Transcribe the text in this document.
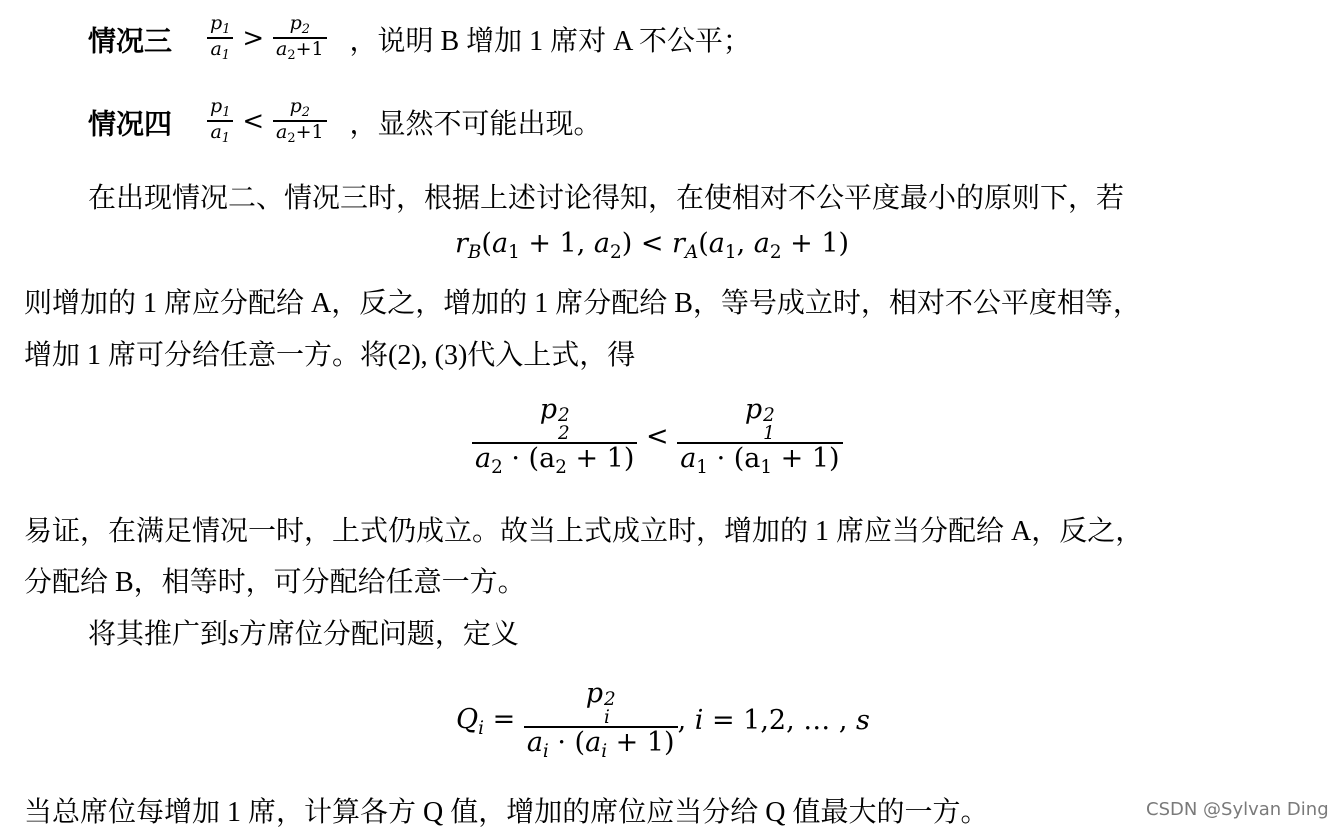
情况三 $\frac{p_1}{a_1} > \frac{p_2}{a_2+1}$ ，说明 B 增加 1 席对 A 不公平；
情况四 $\frac{p_1}{a_1} < \frac{p_2}{a_2+1}$ ，显然不可能出现。
在出现情况二、情况三时，根据上述讨论得知，在使相对不公平度最小的原则下，若
$r_B(a_1 + 1$, $a_2) < r_A(a_1$, $a_2 + 1$)
则增加的 1 席应分配给 A，反之，增加的 1 席分配给 B，等号成立时，相对不公平度相等，
增加 1 席可分给任意一方。将(2), (3)代入上式，得
p 2
2
$a_2 \cdot (a_2 + 1) < p$ 2
1
$a_1 \cdot (a_1 + 1)$
易证，在满足情况一时，上式仍成立。故当上式成立时，增加的 1 席应当分配给 A，反之，
分配给 B，相等时，可分配给任意一方。
将其推广到s方席位分配问题，定义
$Q_i = p$ 2
i
$a_i \cdot (a_i + 1)$ , i = 1,2, … , s
当总席位每增加 1 席，计算各方 Q 值，增加的席位应当分给 Q 值最大的一方。	CSDN @Sylvan Ding
